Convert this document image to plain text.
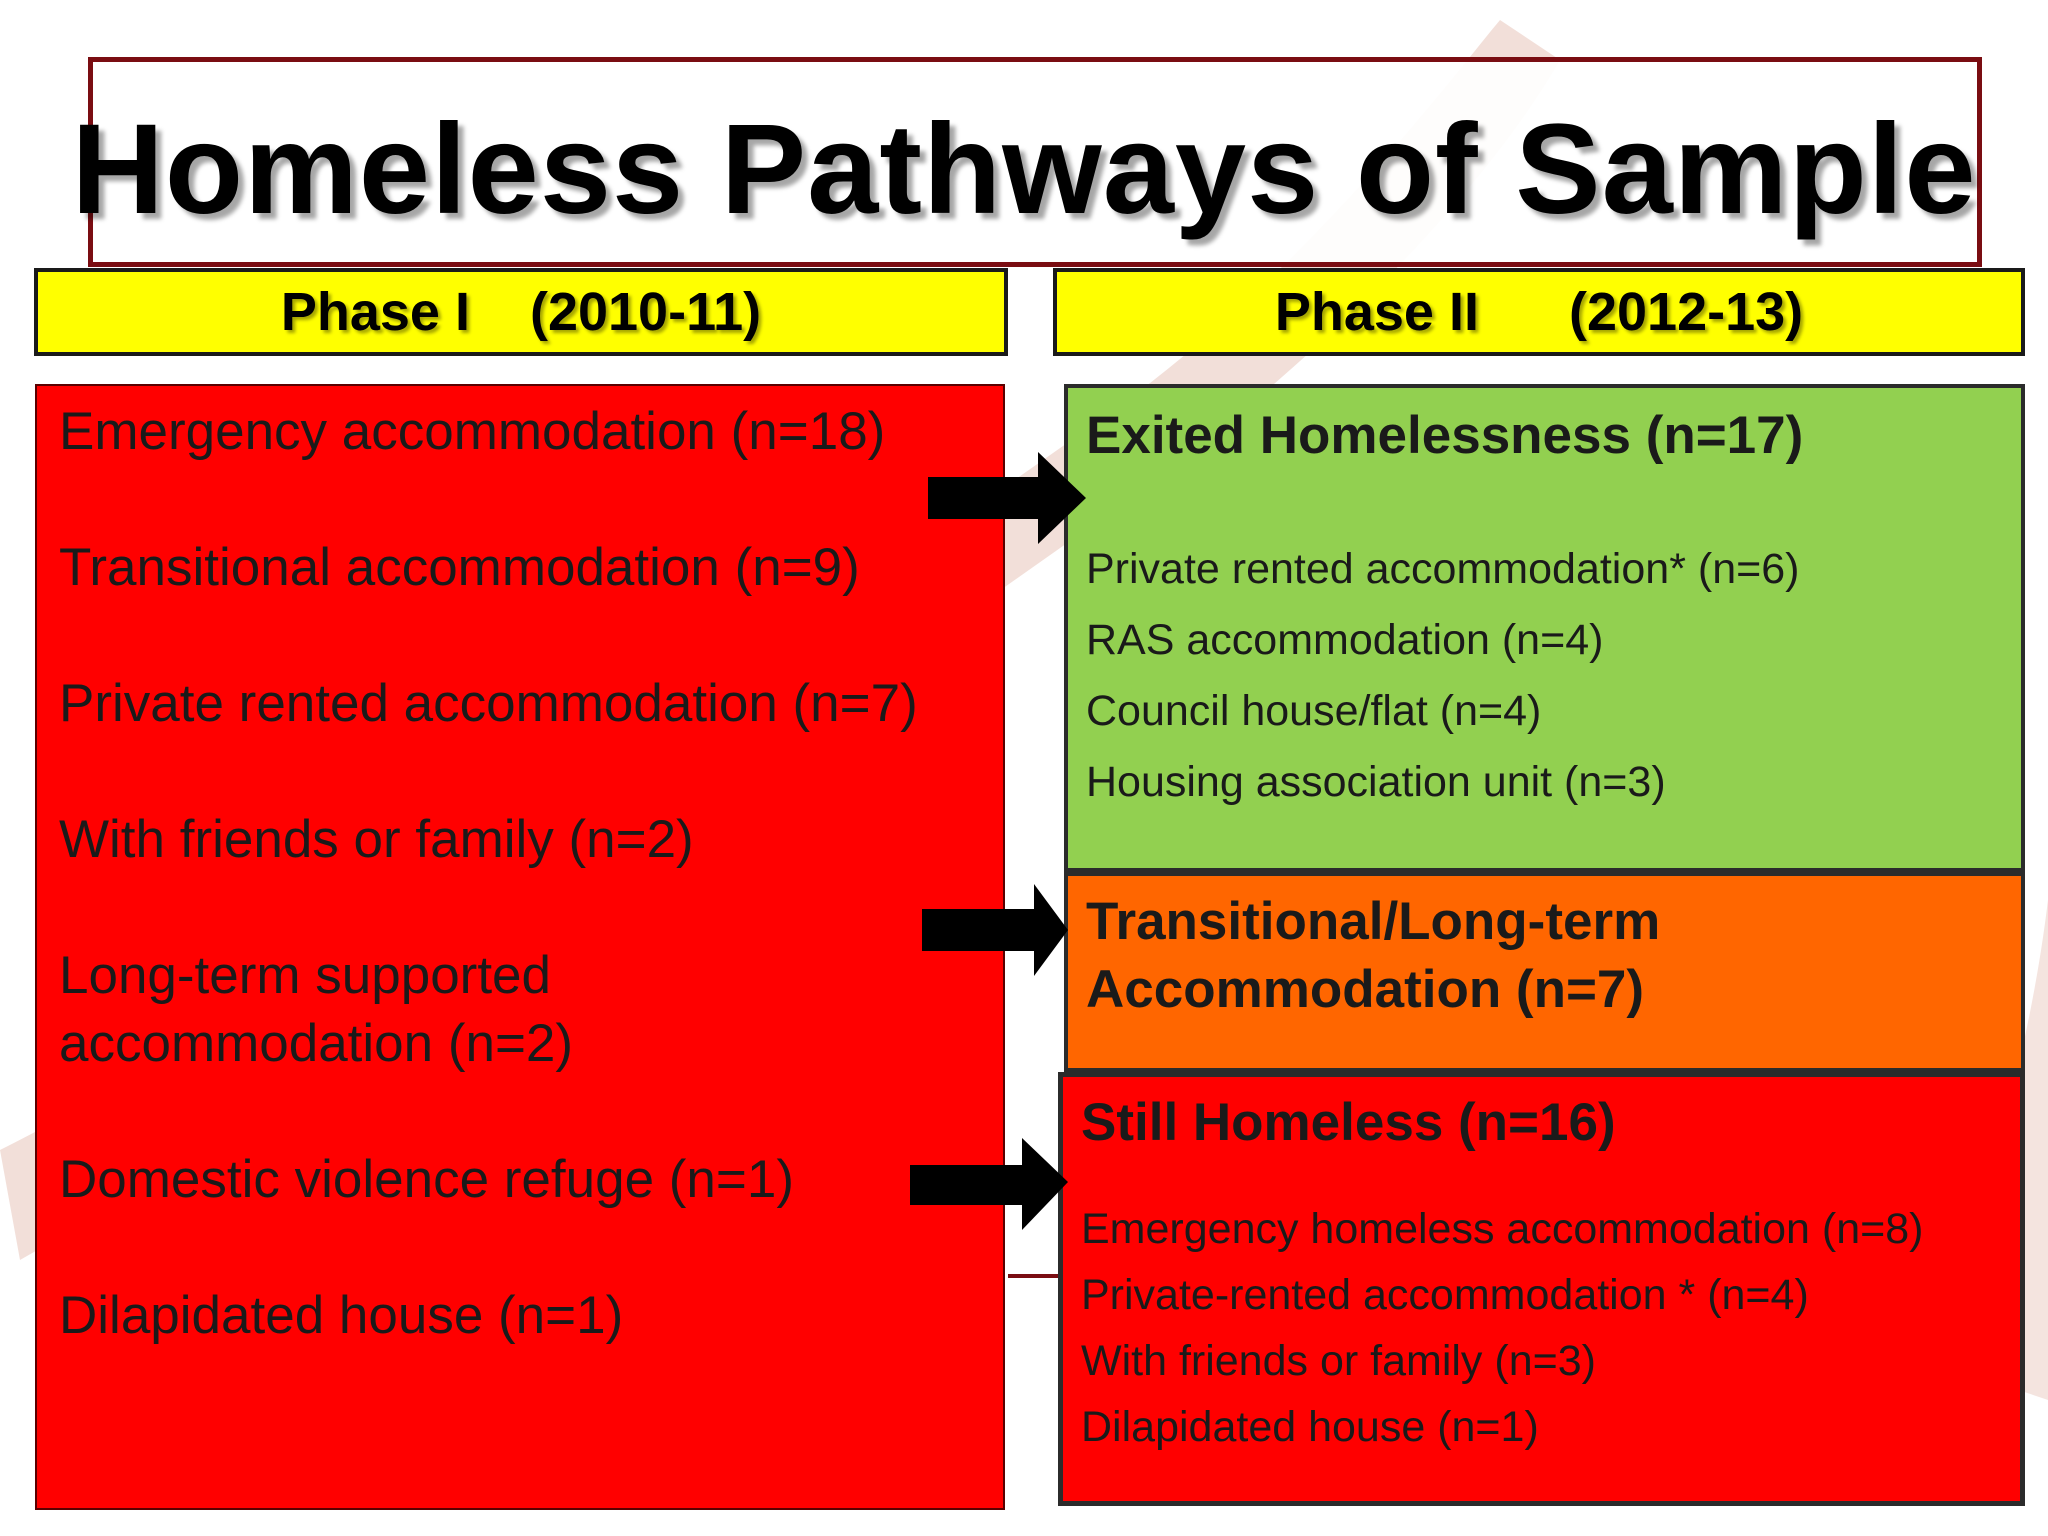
Homeless Pathways of Sample
Phase I    (2010-11)	Phase II      (2012-13)
Emergency accommodation (n=18)
Transitional accommodation (n=9)
Private rented accommodation (n=7)
With friends or family (n=2)
Long-term supported
accommodation (n=2)
Domestic violence refuge (n=1)
Dilapidated house (n=1)
Exited Homelessness (n=17)
Private rented accommodation* (n=6)
RAS accommodation (n=4)
Council house/flat (n=4)
Housing association unit (n=3)
Transitional/Long-term
Accommodation (n=7)
Still Homeless (n=16)
Emergency homeless accommodation (n=8)
Private-rented accommodation * (n=4)
With friends or family (n=3)
Dilapidated house (n=1)
